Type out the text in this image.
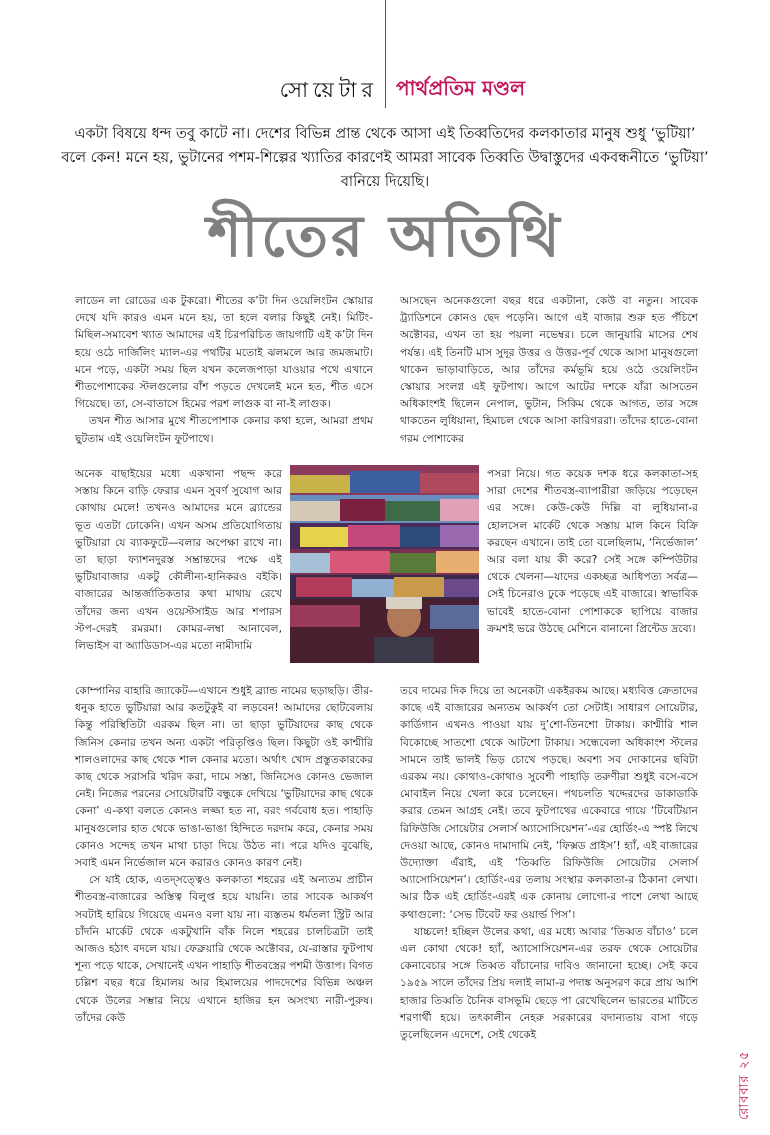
সোয়েটার পার্থপ্রতিম মণ্ডল
একটা বিষয়ে ধন্দ তবু কাটে না। দেশের বিভিন্ন প্রান্ত থেকে আসা এই তিব্বতিদের কলকাতার মানুষ শুধু ‘ভুটিয়া’ বলে কেন! মনে হয়, ভুটানের পশম-শিল্পের খ্যাতির কারণেই আমরা সাবেক তিব্বতি উদ্বাস্তুদের একবন্ধনীতে ‘ভুটিয়া’ বানিয়ে দিয়েছি।
শীতের অতিথি

লাডেন লা রোডের এক টুকরো। শীতের ক’টা দিন ওয়েলিংটন স্কোয়ার দেখে যদি কারও এমন মনে হয়, তা হলে বলার কিছুই নেই। মিটিং-মিছিল-সমাবেশ খ্যাত আমাদের এই চিরপরিচিত জায়গাটি এই ক’টা দিন হয়ে ওঠে দার্জিলিং ম্যাল-এর পথটির মতোই ঝলমলে আর জমজমাট। মনে পড়ে, একটা সময় ছিল যখন কলেজপাড়া যাওয়ার পথে এখানে শীতপোশাকের স্টলগুলোর বাঁশ পড়তে দেখলেই মনে হত, শীত এসে গিয়েছে। তা, সে-বাতাসে হিমের পরশ লাগুক বা না-ই লাগুক।

তখন শীত আসার মুখে শীতপোশাক কেনার কথা হলে, আমরা প্রথম ছুটতাম এই ওয়েলিংটন ফুটপাথে।

অনেক বাছাইয়ের মধ্যে একখানা পছন্দ করে সস্তায় কিনে বাড়ি ফেরার এমন সুবর্ণ সুযোগ আর কোথায় মেলে! তখনও আমাদের মনে ব্র্যান্ডের ভূত এতটা ঢোকেনি। এখন অসম প্রতিযোগিতায় ভুটিয়ারা যে ব্যাকফুটে—বলার অপেক্ষা রাখে না। তা ছাড়া ফ্যাশনদুরস্ত সম্ভ্রান্তদের পক্ষে এই ভুটিয়াবাজার একটু কৌলীন্য-হানিকরও বইকি। বাজারের আন্তর্জাতিকতার কথা মাথায় রেখে তাঁদের জন্য এখন ওয়েস্টসাইড আর শপারস স্টপ-দেরই রমরমা। কোমর-লম্বা আনাবেল, লিভাইস বা অ্যাডিডাস-এর মতো নামীদামি

কোম্পানির বাহারি জ্যাকেট—এখানে শুধুই ব্র্যান্ড নামের ছড়াছড়ি। তীর-ধনুক হাতে ভুটিয়ারা আর কতটুকুই বা লড়বেন! আমাদের ছোটবেলায় কিন্তু পরিস্থিতিটা এরকম ছিল না। তা ছাড়া ভুটিয়াদের কাছ থেকে জিনিস কেনার তখন অন্য একটা পরিতৃপ্তিও ছিল। কিছুটা ওই কাশ্মীরি শালওলাদের কাছ থেকে শাল কেনার মতো। অর্থাৎ খোদ প্রস্তুতকারকের কাছ থেকে সরাসরি খরিদ করা, দামে সস্তা, জিনিসেও কোনও ভেজাল নেই। নিজের পরনের সোয়েটারটি বন্ধুকে দেখিয়ে ‘ভুটিয়াদের কাছ থেকে কেনা’ এ-কথা বলতে কোনও লজ্জা হত না, বরং গর্ববোধ হত। পাহাড়ি মানুষগুলোর হাত থেকে ভাঙা-ভাঙা হিন্দিতে দরদাম করে, কেনার সময় কোনও সন্দেহ তখন মাথা চাড়া দিয়ে উঠত না। পরে যদিও বুঝেছি, সবাই এমন নির্ভেজাল মনে করারও কোনও কারণ নেই।

সে যাই হোক, এতদ্সত্ত্বেও কলকাতা শহরের এই অন্যতম প্রাচীন শীতবস্ত্র-বাজারের অস্তিত্ব বিলুপ্ত হয়ে যায়নি। তার সাবেক আকর্ষণ সবটাই হারিয়ে গিয়েছে এমনও বলা যায় না। ব্যস্ততম ধর্মতলা স্ট্রিট আর চাঁদনি মার্কেট থেকে একটুখানি বাঁক নিলে শহরের চালচিত্রটা তাই আজও হঠাৎ বদলে যায়। ফেব্রুয়ারি থেকে অক্টোবর, যে-রাস্তার ফুটপাথ শূন্য পড়ে থাকে, সেখানেই এখন পাহাড়ি শীতবস্ত্রের পশমী উত্তাপ। বিগত চল্লিশ বছর ধরে হিমালয় আর হিমালয়ের পাদদেশের বিভিন্ন অঞ্চল থেকে উলের সম্ভার নিয়ে এখানে হাজির হন অসংখ্য নারী-পুরুষ। তাঁদের কেউ

আসছেন অনেকগুলো বছর ধরে একটানা, কেউ বা নতুন। সাবেক ট্র্যাডিশনে কোনও ছেদ পড়েনি। আগে এই বাজার শুরু হত পঁচিশে অক্টোবর, এখন তা হয় পয়লা নভেম্বর। চলে জানুয়ারি মাসের শেষ পর্যন্ত। এই তিনটি মাস সুদূর উত্তর ও উত্তর-পূর্ব থেকে আসা মানুষগুলো থাকেন ভাড়াবাড়িতে, আর তাঁদের কর্মভূমি হয়ে ওঠে ওয়েলিংটন স্কোয়ার সংলগ্ন এই ফুটপাথ। আগে আটের দশকে যাঁরা আসতেন অধিকাংশই ছিলেন নেপাল, ভুটান, সিকিম থেকে আগত, তার সঙ্গে থাকতেন লুধিয়ানা, হিমাচল থেকে আসা কারিগররা। তাঁদের হাতে-বোনা গরম পোশাকের

পসরা নিয়ে। গত কয়েক দশক ধরে কলকাতা-সহ সারা দেশের শীতবস্ত্র-ব্যাপারীরা জড়িয়ে পড়েছেন এর সঙ্গে। কেউ-কেউ দিল্লি বা লুধিয়ানা-র হোলসেল মার্কেট থেকে সস্তায় মাল কিনে বিক্রি করছেন এখানে। তাই তো বলেছিলাম, ‘নির্ভেজাল’ আর বলা যায় কী করে? সেই সঙ্গে কম্পিউটার থেকে খেলনা—যাদের একচ্ছত্র আধিপত্য সর্বত্র—সেই চিনেরাও ঢুকে পড়েছে এই বাজারে। স্বাভাবিক ভাবেই হাতে-বোনা পোশাককে ছাপিয়ে বাজার ক্রমশই ভরে উঠছে মেশিনে বানানো প্রিন্টেড দ্রব্যে।

তবে দামের দিক দিয়ে তা অনেকটা একইরকম আছে। মধ্যবিত্ত ক্রেতাদের কাছে এই বাজারের অন্যতম আকর্ষণ তো সেটাই। সাধারণ সোয়েটার, কার্ডিগান এখনও পাওয়া যায় দু’শো-তিনশো টাকায়। কাশ্মীরি শাল বিকোচ্ছে সাতশো থেকে আটশো টাকায়। সন্ধেবেলা অধিকাংশ স্টলের সামনে তাই ভালই ভিড় চোখে পড়ছে। অবশ্য সব দোকানের ছবিটা এরকম নয়। কোথাও-কোথাও সুবেশী পাহাড়ি তরুণীরা শুধুই বসে-বসে মোবাইল নিয়ে খেলা করে চলেছেন। পথচলতি খদ্দেরদের ডাকাডাকি করার তেমন আগ্রহ নেই। তবে ফুটপাথের একেবারে গায়ে ‘টিবেটিয়ান রিফিউজি সোয়েটার সেলার্স অ্যাসোসিয়েশন’-এর হোর্ডিং-এ স্পষ্ট লিখে দেওয়া আছে, কোনও দামাদামি নেই, ‘ফিক্সড প্রাইস’! হ্যাঁ, এই বাজারের উদ্যোক্তা এঁরাই, এই ‘তিব্বতি রিফিউজি সোয়েটার সেলার্স অ্যাসোসিয়েশন’। হোর্ডিং-এর তলায় সংস্থার কলকাতা-র ঠিকানা লেখা। আর ঠিক এই হোর্ডিং-এরই এক কোনায় লোগো-র পাশে লেখা আছে কথাগুলো: ‘সেভ টিবেট ফর ওয়ার্ল্ড পিস’।

যাচ্চলে! হচ্ছিল উলের কথা, এর মধ্যে আবার ‘তিব্বত বাঁচাও’ চলে এল কোথা থেকে! হ্যাঁ, অ্যাসোসিয়েশন-এর তরফ থেকে সোয়েটার কেনাবেচার সঙ্গে তিব্বত বাঁচানোর দাবিও জানানো হচ্ছে। সেই কবে ১৯৫৯ সালে তাঁদের প্রিয় দলাই লামা-র পদাঙ্ক অনুসরণ করে প্রায় আশি হাজার তিব্বতি চৈনিক বাসভূমি ছেড়ে পা রেখেছিলেন ভারতের মাটিতে শরণার্থী হয়ে। তৎকালীন নেহরু সরকারের বদান্যতায় বাসা গড়ে তুলেছিলেন এদেশে, সেই থেকেই

রোববার ২৫
